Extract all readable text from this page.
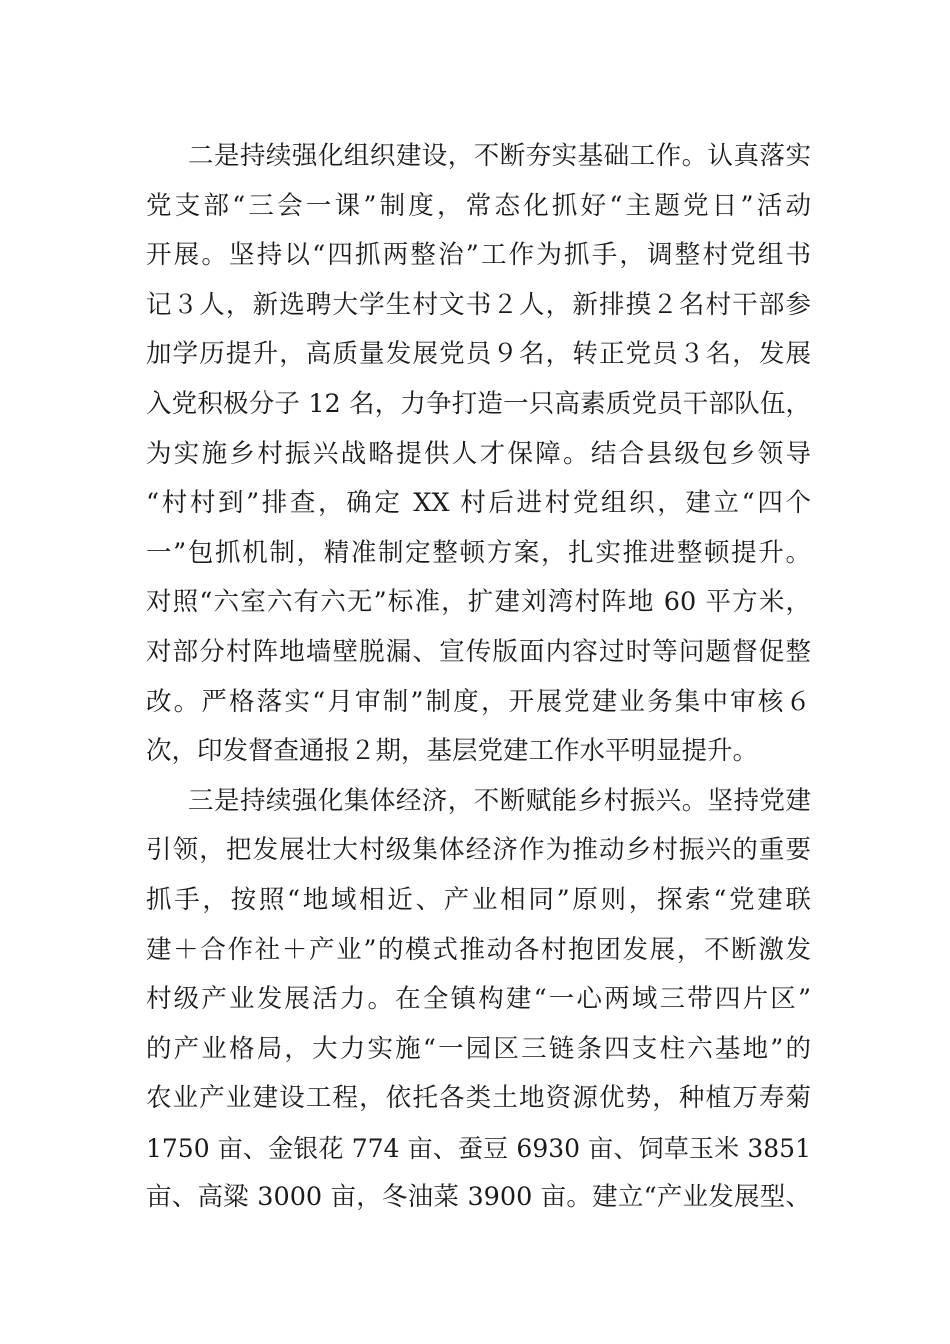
二是持续强化组织建设，不断夯实基础工作。认真落实
党支部“三会一课”制度，常态化抓好“主题党日”活动
开展。坚持以“四抓两整治”工作为抓手，调整村党组书
记３人，新选聘大学生村文书２人，新排摸２名村干部参
加学历提升，高质量发展党员９名，转正党员３名，发展
入党积极分子 12 名，力争打造一只高素质党员干部队伍，
为实施乡村振兴战略提供人才保障。结合县级包乡领导
“村村到”排查，确定 XX 村后进村党组织，建立“四个
一”包抓机制，精准制定整顿方案，扎实推进整顿提升。
对照“六室六有六无”标准，扩建刘湾村阵地 60 平方米，
对部分村阵地墙壁脱漏、宣传版面内容过时等问题督促整
改。严格落实“月审制”制度，开展党建业务集中审核６
次，印发督查通报２期，基层党建工作水平明显提升。
三是持续强化集体经济，不断赋能乡村振兴。坚持党建
引领，把发展壮大村级集体经济作为推动乡村振兴的重要
抓手，按照“地域相近、产业相同”原则，探索“党建联
建＋合作社＋产业”的模式推动各村抱团发展，不断激发
村级产业发展活力。在全镇构建“一心两域三带四片区”
的产业格局，大力实施“一园区三链条四支柱六基地”的
农业产业建设工程，依托各类土地资源优势，种植万寿菊
1750 亩、金银花 774 亩、蚕豆 6930 亩、饲草玉米 3851
亩、高粱 3000 亩，冬油菜 3900 亩。建立“产业发展型、
